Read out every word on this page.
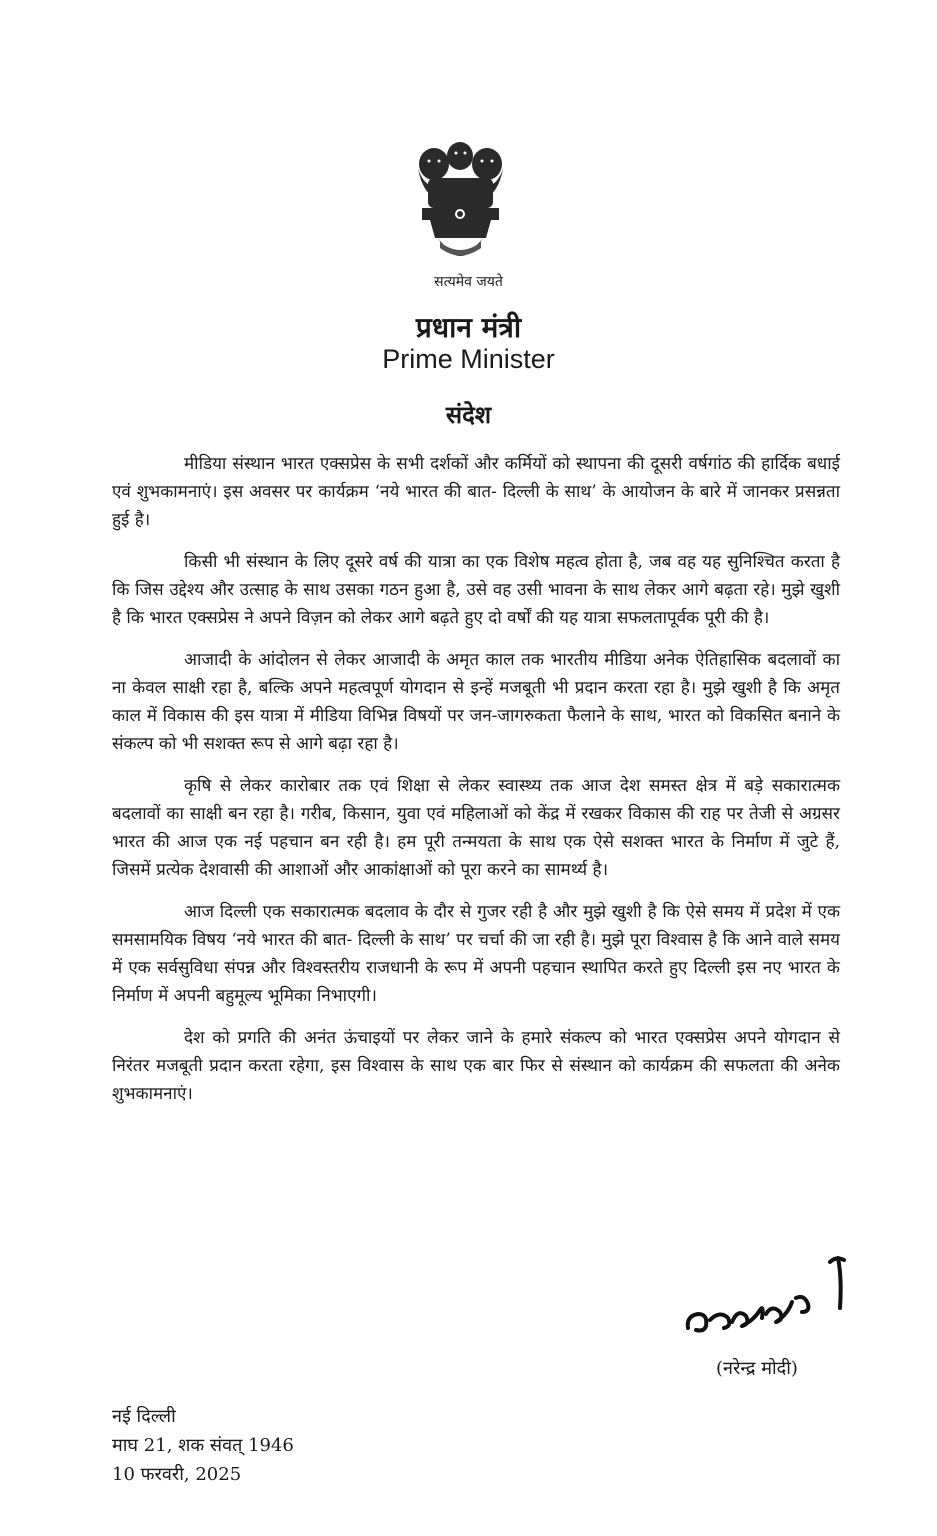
सत्यमेव जयते
प्रधान मंत्री
Prime Minister
संदेश

मीडिया संस्थान भारत एक्सप्रेस के सभी दर्शकों और कर्मियों को स्थापना की दूसरी वर्षगांठ की हार्दिक बधाई एवं शुभकामनाएं। इस अवसर पर कार्यक्रम ‘नये भारत की बात- दिल्ली के साथ’ के आयोजन के बारे में जानकर प्रसन्नता हुई है।

किसी भी संस्थान के लिए दूसरे वर्ष की यात्रा का एक विशेष महत्व होता है, जब वह यह सुनिश्चित करता है कि जिस उद्देश्य और उत्साह के साथ उसका गठन हुआ है, उसे वह उसी भावना के साथ लेकर आगे बढ़ता रहे। मुझे खुशी है कि भारत एक्सप्रेस ने अपने विज़न को लेकर आगे बढ़ते हुए दो वर्षों की यह यात्रा सफलतापूर्वक पूरी की है।

आजादी के आंदोलन से लेकर आजादी के अमृत काल तक भारतीय मीडिया अनेक ऐतिहासिक बदलावों का ना केवल साक्षी रहा है, बल्कि अपने महत्वपूर्ण योगदान से इन्हें मजबूती भी प्रदान करता रहा है। मुझे खुशी है कि अमृत काल में विकास की इस यात्रा में मीडिया विभिन्न विषयों पर जन-जागरुकता फैलाने के साथ, भारत को विकसित बनाने के संकल्प को भी सशक्त रूप से आगे बढ़ा रहा है।

कृषि से लेकर कारोबार तक एवं शिक्षा से लेकर स्वास्थ्य तक आज देश समस्त क्षेत्र में बड़े सकारात्मक बदलावों का साक्षी बन रहा है। गरीब, किसान, युवा एवं महिलाओं को केंद्र में रखकर विकास की राह पर तेजी से अग्रसर भारत की आज एक नई पहचान बन रही है। हम पूरी तन्मयता के साथ एक ऐसे सशक्त भारत के निर्माण में जुटे हैं, जिसमें प्रत्येक देशवासी की आशाओं और आकांक्षाओं को पूरा करने का सामर्थ्य है।

आज दिल्ली एक सकारात्मक बदलाव के दौर से गुजर रही है और मुझे खुशी है कि ऐसे समय में प्रदेश में एक समसामयिक विषय ‘नये भारत की बात- दिल्ली के साथ’ पर चर्चा की जा रही है। मुझे पूरा विश्वास है कि आने वाले समय में एक सर्वसुविधा संपन्न और विश्वस्तरीय राजधानी के रूप में अपनी पहचान स्थापित करते हुए दिल्ली इस नए भारत के निर्माण में अपनी बहुमूल्य भूमिका निभाएगी।

देश को प्रगति की अनंत ऊंचाइयों पर लेकर जाने के हमारे संकल्प को भारत एक्सप्रेस अपने योगदान से निरंतर मजबूती प्रदान करता रहेगा, इस विश्वास के साथ एक बार फिर से संस्थान को कार्यक्रम की सफलता की अनेक शुभकामनाएं।

(नरेन्द्र मोदी)
नई दिल्ली
माघ 21, शक संवत् 1946
10 फरवरी, 2025
